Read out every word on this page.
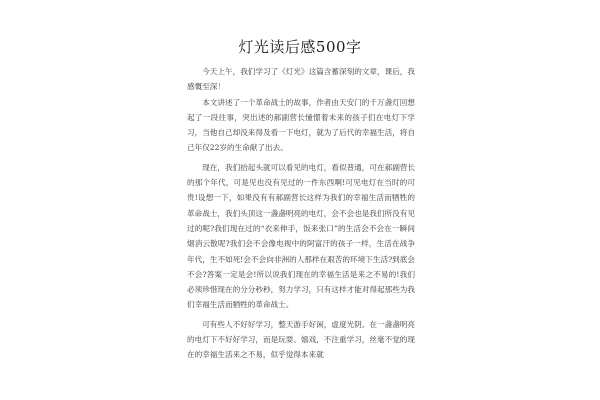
灯光读后感500字

今天上午，我们学习了《灯光》这篇含蓄深刻的文章，课后，我感慨至深！

本文讲述了一个革命战士的故事，作者由天安门的千万盏灯回想起了一段往事，突出述的郝副营长憧憬着未来的孩子们在电灯下学习，当他自己却没来得及看一下电灯，就为了后代的幸福生活，将自己年仅22岁的生命献了出去。

现在，我们抬起头就可以看见的电灯，看似普通，可在郝副营长的那个年代，可是见也没有见过的一件东西啊!可见电灯在当时的可贵!设想一下，如果没有有郝副营长这样为我们的幸福生活而牺牲的革命战士，我们头顶这一盏盏明亮的电灯，会不会也是我们所没有见过的呢?我们现在过的“衣来伸手，饭来张口”的生活会不会在一瞬间烟消云散呢?我们会不会像电视中的阿富汗的孩子一样，生活在战争年代，生不如死!会不会向非洲的人那样在艰苦的环境下生活?到底会不会?答案一定是会!所以说我们现在的幸福生活是来之不易的!我们必须珍惜现在的分分秒秒，努力学习，只有这样才能对得起那些为我们幸福生活而牺牲的革命战士。

可有些人不好好学习，整天游手好闲，虚度光阴。在一盏盏明亮的电灯下不好好学习，而是玩耍、嬉戏，不注重学习，丝毫不觉的现在的幸福生活来之不易，似乎觉得本来就
